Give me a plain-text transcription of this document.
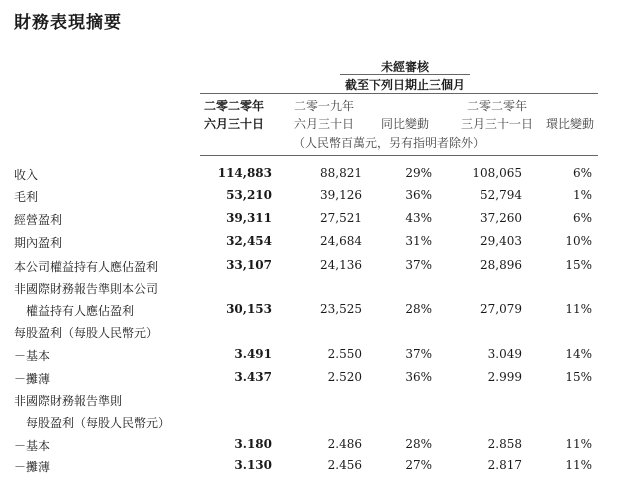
財務表現摘要
未經審核
截至下列日期止三個月
二零二零年
六月三十日
二零一九年
六月三十日	同比變動
二零二零年
三月三十一日	環比變動
（人民幣百萬元，另有指明者除外）
收入	114,883	88,821	29%	108,065	6%
毛利	53,210	39,126	36%	52,794	1%
經營盈利	39,311	27,521	43%	37,260	6%
期內盈利	32,454	24,684	31%	29,403	10%
本公司權益持有人應佔盈利	33,107	24,136	37%	28,896	15%
非國際財務報告準則本公司
　權益持有人應佔盈利	30,153	23,525	28%	27,079	11%
每股盈利（每股人民幣元）
－基本	3.491	2.550	37%	3.049	14%
－攤薄	3.437	2.520	36%	2.999	15%
非國際財務報告準則
　每股盈利（每股人民幣元）
－基本	3.180	2.486	28%	2.858	11%
－攤薄	3.130	2.456	27%	2.817	11%
